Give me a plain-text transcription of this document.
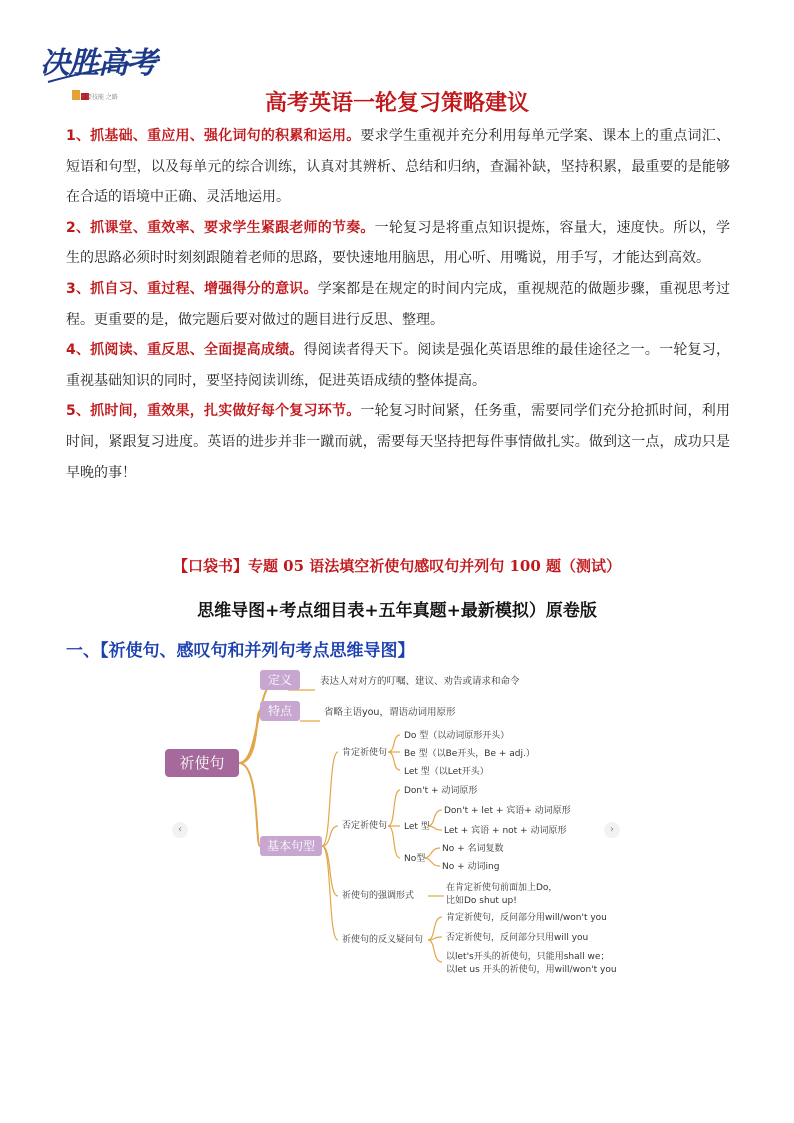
决胜高考
主要技能 之路	高考英语一轮复习策略建议

1、抓基础、重应用、强化词句的积累和运用。要求学生重视并充分利用每单元学案、课本上的重点词汇、短语和句型，以及每单元的综合训练，认真对其辨析、总结和归纳，查漏补缺，坚持积累，最重要的是能够在合适的语境中正确、灵活地运用。

2、抓课堂、重效率、要求学生紧跟老师的节奏。一轮复习是将重点知识提炼，容量大，速度快。所以，学生的思路必须时时刻刻跟随着老师的思路，要快速地用脑思，用心听、用嘴说，用手写，才能达到高效。

3、抓自习、重过程、增强得分的意识。学案都是在规定的时间内完成，重视规范的做题步骤，重视思考过程。更重要的是，做完题后要对做过的题目进行反思、整理。

4、抓阅读、重反思、全面提高成绩。得阅读者得天下。阅读是强化英语思维的最佳途径之一。一轮复习，重视基础知识的同时，要坚持阅读训练，促进英语成绩的整体提高。

5、抓时间，重效果，扎实做好每个复习环节。一轮复习时间紧，任务重，需要同学们充分抢抓时间，利用时间，紧跟复习进度。英语的进步并非一蹴而就，需要每天坚持把每件事情做扎实。做到这一点，成功只是早晚的事！

【口袋书】专题 05 语法填空祈使句感叹句并列句 100 题（测试）
思维导图+考点细目表+五年真题+最新模拟）原卷版
一、【祈使句、感叹句和并列句考点思维导图】
祈使句
定义	表达人对对方的叮嘱、建议、劝告或请求和命令
特点	省略主语you，谓语动词用原形
基本句型
肯定祈使句
Do 型（以动词原形开头）
Be 型（以Be开头，Be + adj.）
Let 型（以Let开头）
否定祈使句
Don't + 动词原形
Let 型
Don't + let + 宾语+ 动词原形
Let + 宾语 + not + 动词原形
No型
No + 名词复数
No + 动词ing
祈使句的强调形式
在肯定祈使句前面加上Do，
比如Do shut up!
祈使句的反义疑问句
肯定祈使句，反问部分用will/won't you
否定祈使句，反问部分只用will you
以let's开头的祈使句，只能用shall we；
以let us 开头的祈使句，用will/won't you
‹	›
